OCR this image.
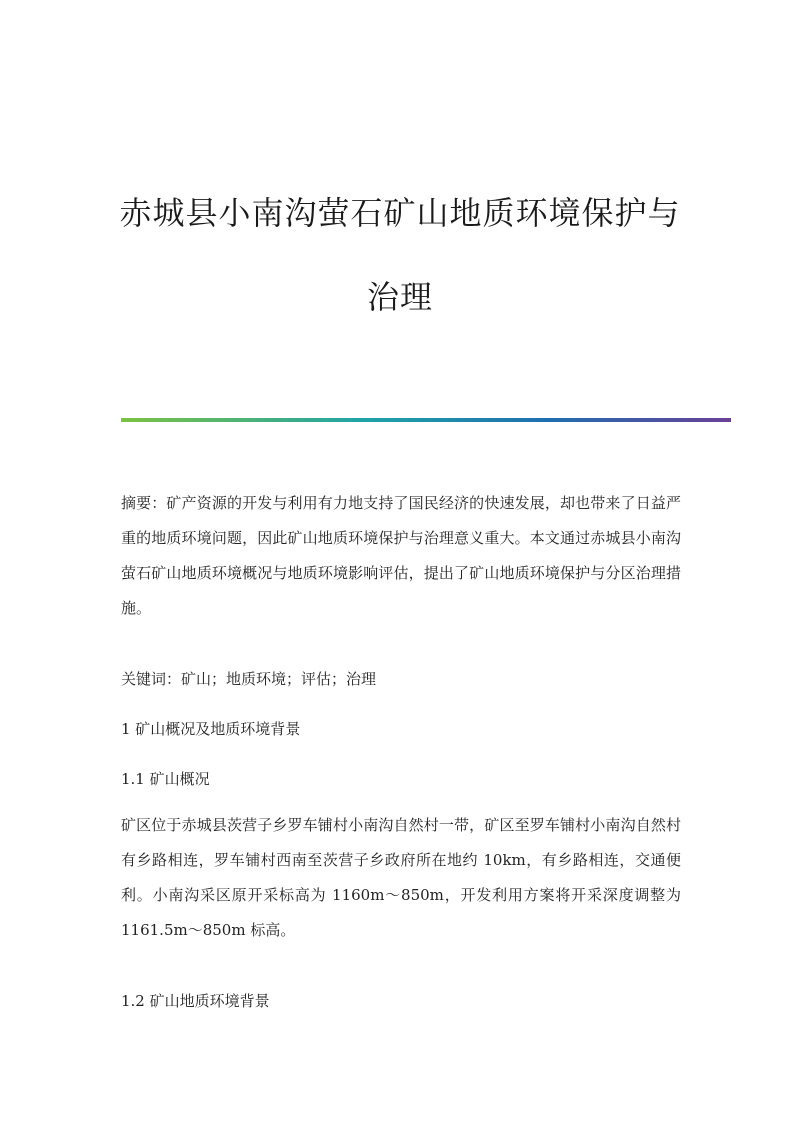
赤城县小南沟萤石矿山地质环境保护与
治理

摘要：矿产资源的开发与利用有力地支持了国民经济的快速发展，却也带来了日益严重的地质环境问题，因此矿山地质环境保护与治理意义重大。本文通过赤城县小南沟萤石矿山地质环境概况与地质环境影响评估，提出了矿山地质环境保护与分区治理措施。

关键词：矿山；地质环境；评估；治理

1 矿山概况及地质环境背景

1.1 矿山概况

矿区位于赤城县茨营子乡罗车铺村小南沟自然村一带，矿区至罗车铺村小南沟自然村有乡路相连，罗车铺村西南至茨营子乡政府所在地约 10km，有乡路相连，交通便利。小南沟采区原开采标高为 1160m～850m，开发利用方案将开采深度调整为 1161.5m～850m 标高。

1.2 矿山地质环境背景
